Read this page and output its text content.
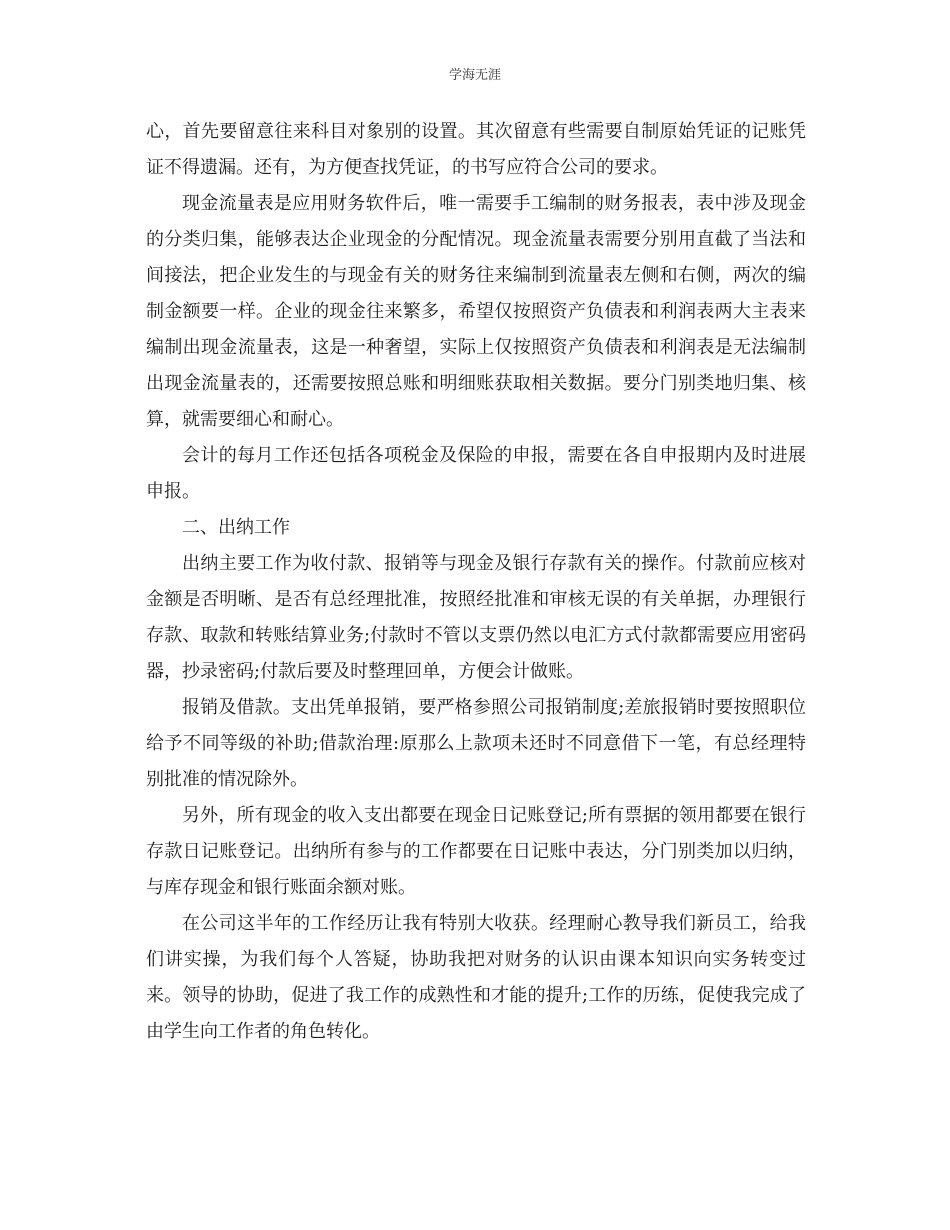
学海无涯

心，首先要留意往来科目对象别的设置。其次留意有些需要自制原始凭证的记账凭证不得遗漏。还有，为方便查找凭证，的书写应符合公司的要求。

现金流量表是应用财务软件后，唯一需要手工编制的财务报表，表中涉及现金的分类归集，能够表达企业现金的分配情况。现金流量表需要分别用直截了当法和间接法，把企业发生的与现金有关的财务往来编制到流量表左侧和右侧，两次的编制金额要一样。企业的现金往来繁多，希望仅按照资产负债表和利润表两大主表来编制出现金流量表，这是一种奢望，实际上仅按照资产负债表和利润表是无法编制出现金流量表的，还需要按照总账和明细账获取相关数据。要分门别类地归集、核算，就需要细心和耐心。

会计的每月工作还包括各项税金及保险的申报，需要在各自申报期内及时进展申报。

二、出纳工作

出纳主要工作为收付款、报销等与现金及银行存款有关的操作。付款前应核对金额是否明晰、是否有总经理批准，按照经批准和审核无误的有关单据，办理银行存款、取款和转账结算业务;付款时不管以支票仍然以电汇方式付款都需要应用密码器，抄录密码;付款后要及时整理回单，方便会计做账。

报销及借款。支出凭单报销，要严格参照公司报销制度;差旅报销时要按照职位给予不同等级的补助;借款治理:原那么上款项未还时不同意借下一笔，有总经理特别批准的情况除外。

另外，所有现金的收入支出都要在现金日记账登记;所有票据的领用都要在银行存款日记账登记。出纳所有参与的工作都要在日记账中表达，分门别类加以归纳，与库存现金和银行账面余额对账。

在公司这半年的工作经历让我有特别大收获。经理耐心教导我们新员工，给我们讲实操，为我们每个人答疑，协助我把对财务的认识由课本知识向实务转变过来。领导的协助，促进了我工作的成熟性和才能的提升;工作的历练，促使我完成了由学生向工作者的角色转化。
